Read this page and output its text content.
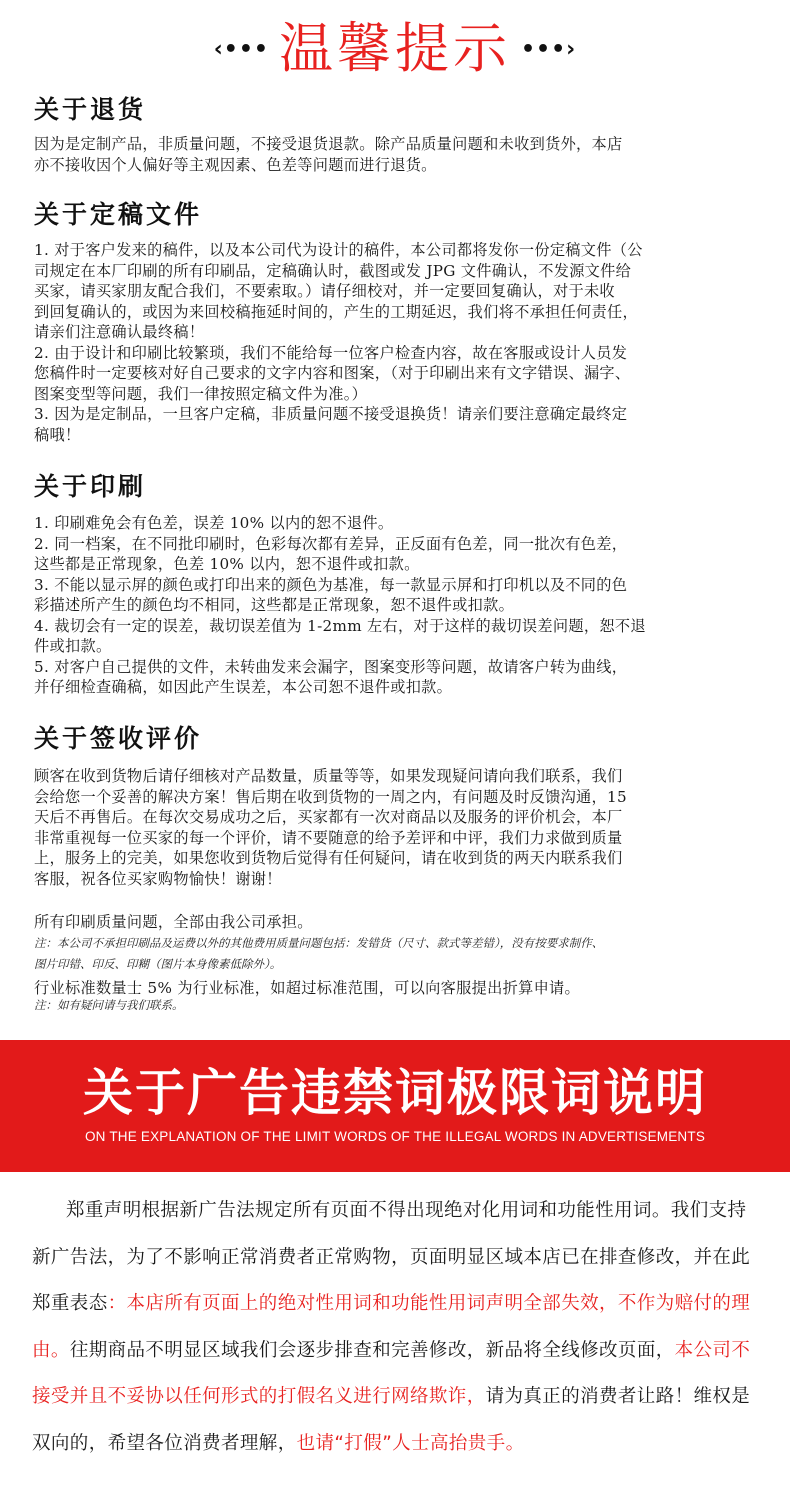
‹••• 温馨提示 •••›
关于退货

因为是定制产品，非质量问题，不接受退货退款。除产品质量问题和未收到货外，本店
亦不接收因个人偏好等主观因素、色差等问题而进行退货。

关于定稿文件

1. 对于客户发来的稿件，以及本公司代为设计的稿件，本公司都将发你一份定稿文件（公
司规定在本厂印刷的所有印刷品，定稿确认时，截图或发 JPG 文件确认，不发源文件给
买家，请买家朋友配合我们，不要索取。）请仔细校对，并一定要回复确认，对于未收
到回复确认的，或因为来回校稿拖延时间的，产生的工期延迟，我们将不承担任何责任，
请亲们注意确认最终稿！
2. 由于设计和印刷比较繁琐，我们不能给每一位客户检查内容，故在客服或设计人员发
您稿件时一定要核对好自己要求的文字内容和图案，（对于印刷出来有文字错误、漏字、
图案变型等问题，我们一律按照定稿文件为准。）
3. 因为是定制品，一旦客户定稿，非质量问题不接受退换货！请亲们要注意确定最终定
稿哦！

关于印刷

1. 印刷难免会有色差，误差 10% 以内的恕不退件。
2. 同一档案，在不同批印刷时，色彩每次都有差异，正反面有色差，同一批次有色差，
这些都是正常现象，色差 10% 以内，恕不退件或扣款。
3. 不能以显示屏的颜色或打印出来的颜色为基准，每一款显示屏和打印机以及不同的色
彩描述所产生的颜色均不相同，这些都是正常现象，恕不退件或扣款。
4. 裁切会有一定的误差，裁切误差值为 1-2mm 左右，对于这样的裁切误差问题，恕不退
件或扣款。
5. 对客户自己提供的文件，未转曲发来会漏字，图案变形等问题，故请客户转为曲线，
并仔细检查确稿，如因此产生误差，本公司恕不退件或扣款。

关于签收评价

顾客在收到货物后请仔细核对产品数量，质量等等，如果发现疑问请向我们联系，我们
会给您一个妥善的解决方案！售后期在收到货物的一周之内，有问题及时反馈沟通，15
天后不再售后。在每次交易成功之后，买家都有一次对商品以及服务的评价机会，本厂
非常重视每一位买家的每一个评价，请不要随意的给予差评和中评，我们力求做到质量
上，服务上的完美，如果您收到货物后觉得有任何疑问，请在收到货的两天内联系我们
客服，祝各位买家购物愉快！谢谢！

所有印刷质量问题，全部由我公司承担。

注：本公司不承担印刷品及运费以外的其他费用质量问题包括：发错货（尺寸、款式等差错），没有按要求制作、
图片印错、印反、印糊（图片本身像素低除外）。

行业标准数量士 5% 为行业标准，如超过标准范围，可以向客服提出折算申请。

注：如有疑问请与我们联系。

关于广告违禁词极限词说明
ON THE EXPLANATION OF THE LIMIT WORDS OF THE ILLEGAL WORDS IN ADVERTISEMENTS

郑重声明根据新广告法规定所有页面不得出现绝对化用词和功能性用词。我们支持新广告法，为了不影响正常消费者正常购物，页面明显区域本店已在排查修改，并在此郑重表态：本店所有页面上的绝对性用词和功能性用词声明全部失效，不作为赔付的理由。往期商品不明显区域我们会逐步排查和完善修改，新品将全线修改页面，本公司不接受并且不妥协以任何形式的打假名义进行网络欺诈，请为真正的消费者让路！维权是双向的，希望各位消费者理解，也请“打假”人士高抬贵手。
